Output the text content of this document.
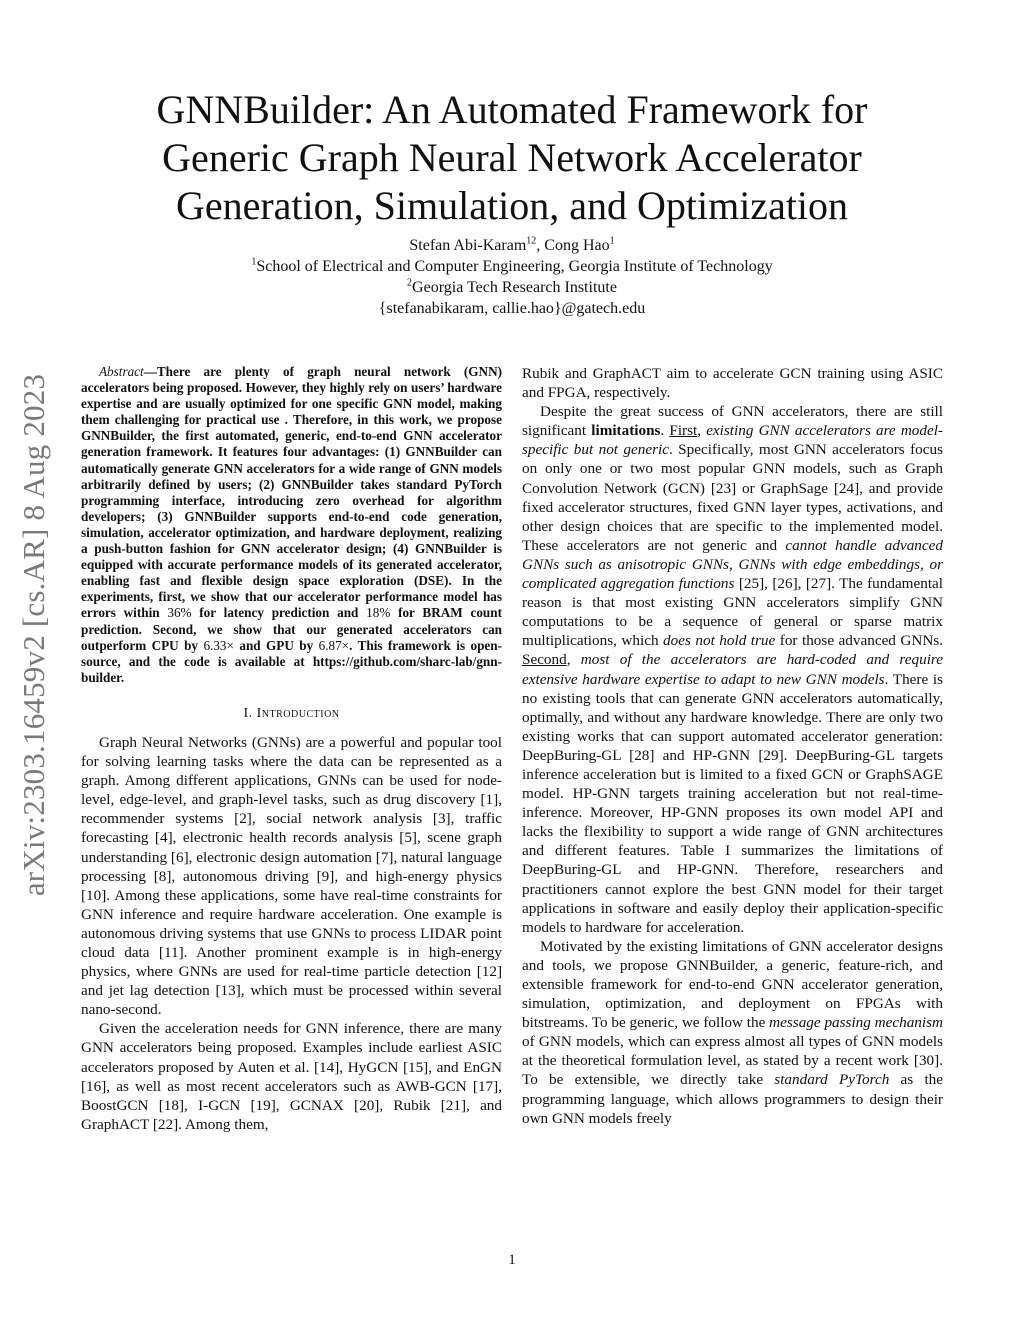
arXiv:2303.16459v2 [cs.AR] 8 Aug 2023
GNNBuilder: An Automated Framework for
Generic Graph Neural Network Accelerator
Generation, Simulation, and Optimization
Stefan Abi-Karam$^{12}$, Cong Hao$^1$
$^1$School of Electrical and Computer Engineering, Georgia Institute of Technology
$^2$Georgia Tech Research Institute
{stefanabikaram, callie.hao}@gatech.edu

Abstract—There are plenty of graph neural network (GNN) accelerators being proposed. However, they highly rely on users’ hardware expertise and are usually optimized for one specific GNN model, making them challenging for practical use . Therefore, in this work, we propose GNNBuilder, the first automated, generic, end-to-end GNN accelerator generation framework. It features four advantages: (1) GNNBuilder can automatically generate GNN accelerators for a wide range of GNN models arbitrarily defined by users; (2) GNNBuilder takes standard PyTorch programming interface, introducing zero overhead for algorithm developers; (3) GNNBuilder supports end-to-end code generation, simulation, accelerator optimization, and hardware deployment, realizing a push-button fashion for GNN accelerator design; (4) GNNBuilder is equipped with accurate performance models of its generated accelerator, enabling fast and flexible design space exploration (DSE). In the experiments, first, we show that our accelerator performance model has errors within 36% for latency prediction and 18% for BRAM count prediction. Second, we show that our generated accelerators can outperform CPU by 6.33× and GPU by 6.87×. This framework is open-source, and the code is available at https://github.com/sharc-lab/gnn-builder.

I. Introduction

Graph Neural Networks (GNNs) are a powerful and popular tool for solving learning tasks where the data can be represented as a graph. Among different applications, GNNs can be used for node-level, edge-level, and graph-level tasks, such as drug discovery [1], recommender systems [2], social network analysis [3], traffic forecasting [4], electronic health records analysis [5], scene graph understanding [6], electronic design automation [7], natural language processing [8], autonomous driving [9], and high-energy physics [10]. Among these applications, some have real-time constraints for GNN inference and require hardware acceleration. One example is autonomous driving systems that use GNNs to process LIDAR point cloud data [11]. Another prominent example is in high-energy physics, where GNNs are used for real-time particle detection [12] and jet lag detection [13], which must be processed within several nano-second.

Given the acceleration needs for GNN inference, there are many GNN accelerators being proposed. Examples include earliest ASIC accelerators proposed by Auten et al. [14], HyGCN [15], and EnGN [16], as well as most recent accelerators such as AWB-GCN [17], BoostGCN [18], I-GCN [19], GCNAX [20], Rubik [21], and GraphACT [22]. Among them,

Rubik and GraphACT aim to accelerate GCN training using ASIC and FPGA, respectively.

Despite the great success of GNN accelerators, there are still significant limitations. First, existing GNN accelerators are model-specific but not generic. Specifically, most GNN accelerators focus on only one or two most popular GNN models, such as Graph Convolution Network (GCN) [23] or GraphSage [24], and provide fixed accelerator structures, fixed GNN layer types, activations, and other design choices that are specific to the implemented model. These accelerators are not generic and cannot handle advanced GNNs such as anisotropic GNNs, GNNs with edge embeddings, or complicated aggregation functions [25], [26], [27]. The fundamental reason is that most existing GNN accelerators simplify GNN computations to be a sequence of general or sparse matrix multiplications, which does not hold true for those advanced GNNs. Second, most of the accelerators are hard-coded and require extensive hardware expertise to adapt to new GNN models. There is no existing tools that can generate GNN accelerators automatically, optimally, and without any hardware knowledge. There are only two existing works that can support automated accelerator generation: DeepBuring-GL [28] and HP-GNN [29]. DeepBuring-GL targets inference acceleration but is limited to a fixed GCN or GraphSAGE model. HP-GNN targets training acceleration but not real-time-inference. Moreover, HP-GNN proposes its own model API and lacks the flexibility to support a wide range of GNN architectures and different features. Table I summarizes the limitations of DeepBuring-GL and HP-GNN. Therefore, researchers and practitioners cannot explore the best GNN model for their target applications in software and easily deploy their application-specific models to hardware for acceleration.

Motivated by the existing limitations of GNN accelerator designs and tools, we propose GNNBuilder, a generic, feature-rich, and extensible framework for end-to-end GNN accelerator generation, simulation, optimization, and deployment on FPGAs with bitstreams. To be generic, we follow the message passing mechanism of GNN models, which can express almost all types of GNN models at the theoretical formulation level, as stated by a recent work [30]. To be extensible, we directly take standard PyTorch as the programming language, which allows programmers to design their own GNN models freely

1
